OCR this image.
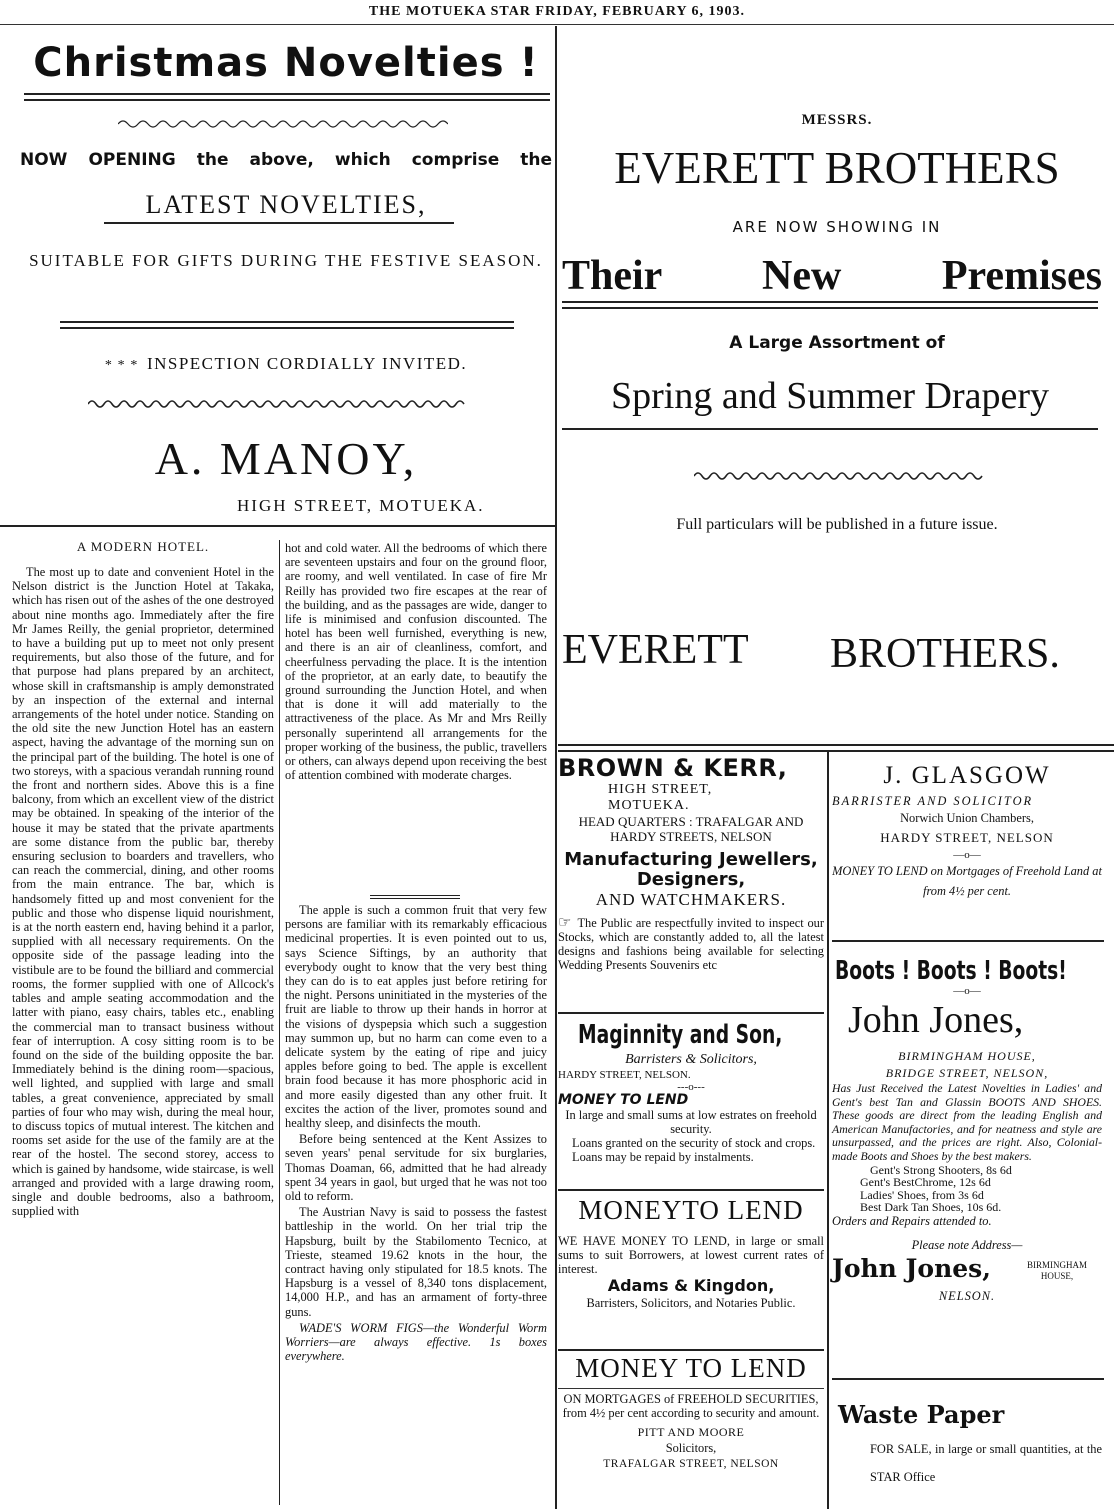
THE MOTUEKA STAR FRIDAY, FEBRUARY 6, 1903.
Christmas Novelties !
NOW OPENING the above, which comprise the
LATEST NOVELTIES,
SUITABLE FOR GIFTS DURING THE FESTIVE SEASON.
* * * INSPECTION CORDIALLY INVITED.
A. MANOY,
HIGH STREET, MOTUEKA.
A MODERN HOTEL.

The most up to date and convenient Hotel in the Nelson district is the Junction Hotel at Takaka, which has risen out of the ashes of the one destroyed about nine months ago. Immediately after the fire Mr James Reilly, the genial proprietor, determined to have a building put up to meet not only present requirements, but also those of the future, and for that purpose had plans prepared by an architect, whose skill in craftsmanship is amply demonstrated by an inspection of the external and internal arrangements of the hotel under notice. Standing on the old site the new Junction Hotel has an eastern aspect, having the advantage of the morning sun on the principal part of the building. The hotel is one of two storeys, with a spacious verandah running round the front and northern sides. Above this is a fine balcony, from which an excellent view of the district may be obtained. In speaking of the interior of the house it may be stated that the private apartments are some distance from the public bar, thereby ensuring seclusion to boarders and travellers, who can reach the commercial, dining, and other rooms from the main entrance. The bar, which is handsomely fitted up and most convenient for the public and those who dispense liquid nourishment, is at the north eastern end, having behind it a parlor, supplied with all necessary requirements. On the opposite side of the passage leading into the vistibule are to be found the billiard and commercial rooms, the former supplied with one of Allcock's tables and ample seating accommodation and the latter with piano, easy chairs, tables etc., enabling the commercial man to transact business without fear of interruption. A cosy sitting room is to be found on the side of the building opposite the bar. Immediately behind is the dining room—spacious, well lighted, and supplied with large and small tables, a great convenience, appreciated by small parties of four who may wish, during the meal hour, to discuss topics of mutual interest. The kitchen and rooms set aside for the use of the family are at the rear of the hostel. The second storey, access to which is gained by handsome, wide staircase, is well arranged and provided with a large drawing room, single and double bedrooms, also a bathroom, supplied with

hot and cold water. All the bedrooms of which there are seventeen upstairs and four on the ground floor, are roomy, and well ventilated. In case of fire Mr Reilly has provided two fire escapes at the rear of the building, and as the passages are wide, danger to life is minimised and confusion discounted. The hotel has been well furnished, everything is new, and there is an air of cleanliness, comfort, and cheerfulness pervading the place. It is the intention of the proprietor, at an early date, to beautify the ground surrounding the Junction Hotel, and when that is done it will add materially to the attractiveness of the place. As Mr and Mrs Reilly personally superintend all arrangements for the proper working of the business, the public, travellers or others, can always depend upon receiving the best of attention combined with moderate charges.

The apple is such a common fruit that very few persons are familiar with its remarkably efficacious medicinal properties. It is even pointed out to us, says Science Siftings, by an authority that everybody ought to know that the very best thing they can do is to eat apples just before retiring for the night. Persons uninitiated in the mysteries of the fruit are liable to throw up their hands in horror at the visions of dyspepsia which such a suggestion may summon up, but no harm can come even to a delicate system by the eating of ripe and juicy apples before going to bed. The apple is excellent brain food because it has more phosphoric acid in and more easily digested than any other fruit. It excites the action of the liver, promotes sound and healthy sleep, and disinfects the mouth.

Before being sentenced at the Kent Assizes to seven years' penal servitude for six burglaries, Thomas Doaman, 66, admitted that he had already spent 34 years in gaol, but urged that he was not too old to reform.

The Austrian Navy is said to possess the fastest battleship in the world. On her trial trip the Hapsburg, built by the Stabilomento Tecnico, at Trieste, steamed 19.62 knots in the hour, the contract having only stipulated for 18.5 knots. The Hapsburg is a vessel of 8,340 tons displacement, 14,000 H.P., and has an armament of forty-three guns.

WADE'S WORM FIGS—the Wonderful Worm Worriers—are always effective. 1s boxes everywhere.

MESSRS.
EVERETT BROTHERS
ARE NOW SHOWING IN
Their New Premises
A Large Assortment of
Spring and Summer Drapery
Full particulars will be published in a future issue.
EVERETT BROTHERS.
BROWN & KERR,
HIGH STREET,
MOTUEKA.
HEAD QUARTERS : TRAFALGAR AND HARDY STREETS, NELSON
Manufacturing Jewellers, Designers,
AND WATCHMAKERS.
☞ The Public are respectfully invited to inspect our Stocks, which are constantly added to, all the latest designs and fashions being available for selecting Wedding Presents Souvenirs etc
Maginnity and Son,
Barristers & Solicitors,
HARDY STREET, NELSON.
---o---
MONEY TO LEND
In large and small sums at low estrates on freehold security.
Loans granted on the security of stock and crops.
Loans may be repaid by instalments.
MONEYTO LEND
WE HAVE MONEY TO LEND, in large or small sums to suit Borrowers, at lowest current rates of interest.
Adams & Kingdon,
Barristers, Solicitors, and Notaries Public.
MONEY TO LEND
ON MORTGAGES of FREEHOLD SECURITIES, from 4½ per cent according to security and amount.
PITT AND MOORE
Solicitors,
TRAFALGAR STREET, NELSON
J. GLASGOW
BARRISTER AND SOLICITOR
Norwich Union Chambers,
HARDY STREET, NELSON
—o—
MONEY TO LEND on Mortgages of Freehold Land at from 4½ per cent.
Boots ! Boots ! Boots!
—o—
John Jones,
BIRMINGHAM HOUSE,
BRIDGE STREET, NELSON,
Has Just Received the Latest Novelties in Ladies' and Gent's best Tan and Glassin BOOTS AND SHOES. These goods are direct from the leading English and American Manufactories, and for neatness and style are unsurpassed, and the prices are right. Also, Colonial-made Boots and Shoes by the best makers.
Gent's Strong Shooters, 8s 6d
Gent's BestChrome, 12s 6d
Ladies' Shoes, from 3s 6d
Best Dark Tan Shoes, 10s 6d.
Orders and Repairs attended to.
Please note Address—
John Jones,	BIRMINGHAM HOUSE,
NELSON.
Waste Paper
FOR SALE, in large or small quantities, at the STAR Office
